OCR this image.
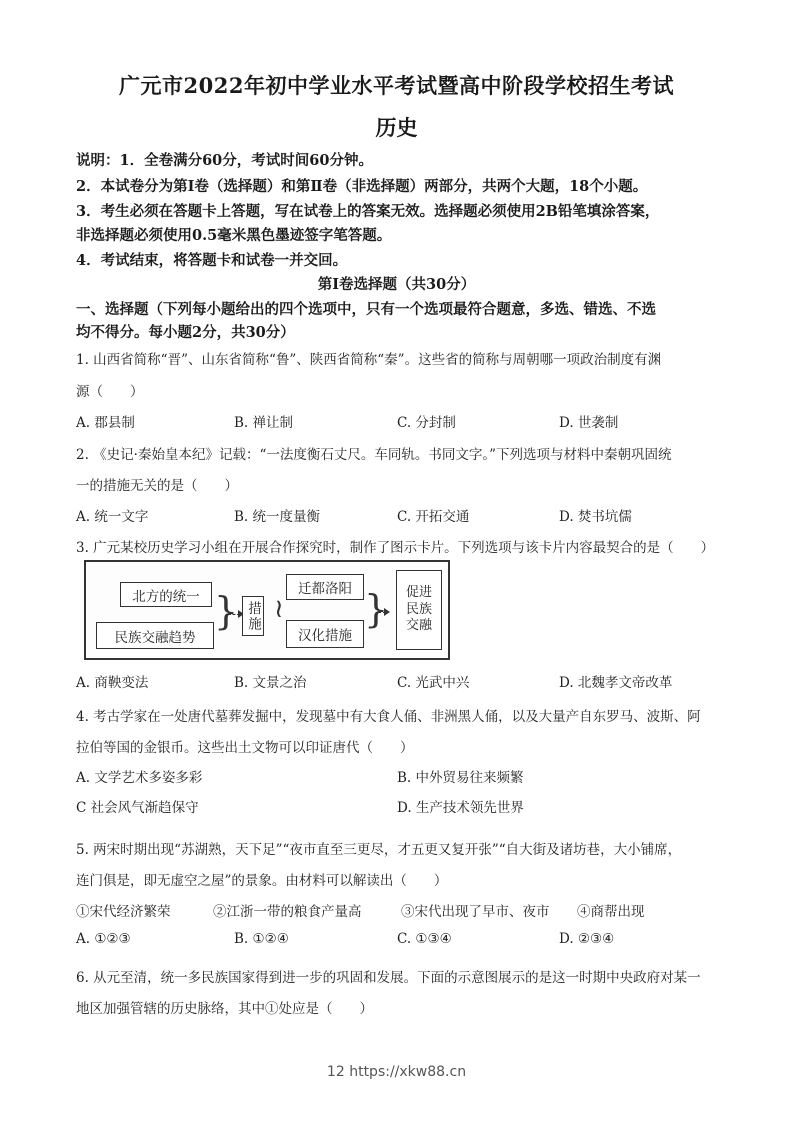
广元市2022年初中学业水平考试暨高中阶段学校招生考试
历史
说明：1．全卷满分60分，考试时间60分钟。
2．本试卷分为第Ⅰ卷（选择题）和第Ⅱ卷（非选择题）两部分，共两个大题，18个小题。
3．考生必须在答题卡上答题，写在试卷上的答案无效。选择题必须使用2B铅笔填涂答案，
非选择题必须使用0.5毫米黑色墨迹签字笔答题。
4．考试结束，将答题卡和试卷一并交回。
第Ⅰ卷选择题（共30分）
一、选择题（下列每小题给出的四个选项中，只有一个选项最符合题意，多选、错选、不选
均不得分。每小题2分，共30分）
1. 山西省简称“晋”、山东省简称“鲁”、陕西省简称“秦”。这些省的简称与周朝哪一项政治制度有渊
源（　　）
A. 郡县制	B. 禅让制	C. 分封制	D. 世袭制
2. 《史记·秦始皇本纪》记载：“一法度衡石丈尺。车同轨。书同文字。”下列选项与材料中秦朝巩固统
一的措施无关的是（　　）
A. 统一文字	B. 统一度量衡	C. 开拓交通	D. 焚书坑儒
3. 广元某校历史学习小组在开展合作探究时，制作了图示卡片。下列选项与该卡片内容最契合的是（　　）
北方的统一
民族交融趋势
} 措施 ≀
迁都洛阳
汉化措施
}	促进民族交融
A. 商鞅变法	B. 文景之治	C. 光武中兴	D. 北魏孝文帝改革
4. 考古学家在一处唐代墓葬发掘中，发现墓中有大食人俑、非洲黑人俑，以及大量产自东罗马、波斯、阿
拉伯等国的金银币。这些出土文物可以印证唐代（　　）
A. 文学艺术多姿多彩	B. 中外贸易往来频繁
C 社会风气渐趋保守	D. 生产技术领先世界
5. 两宋时期出现“苏湖熟，天下足”“夜市直至三更尽，才五更又复开张”“自大街及诸坊巷，大小铺席，
连门俱是，即无虚空之屋”的景象。由材料可以解读出（　　）
①宋代经济繁荣	②江浙一带的粮食产量高	③宋代出现了早市、夜市 ④商帮出现
A. ①②③	B. ①②④	C. ①③④	D. ②③④
6. 从元至清，统一多民族国家得到进一步的巩固和发展。下面的示意图展示的是这一时期中央政府对某一
地区加强管辖的历史脉络，其中①处应是（　　）
12 https://xkw88.cn
